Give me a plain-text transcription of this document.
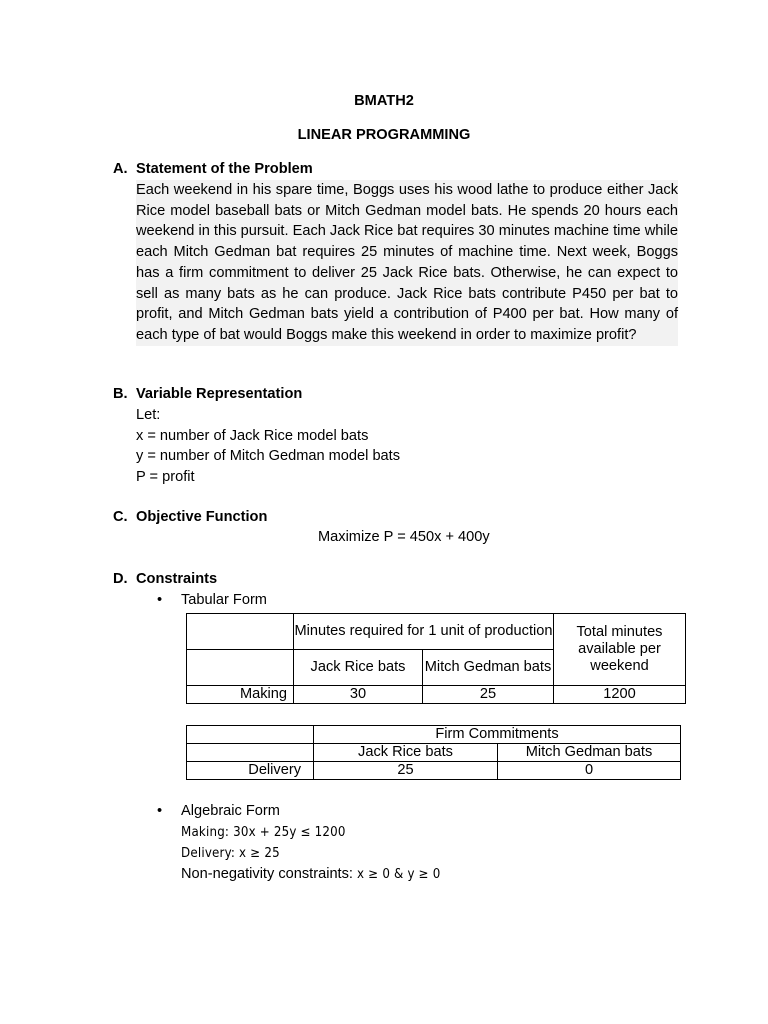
BMATH2
LINEAR PROGRAMMING
A. Statement of the Problem

Each weekend in his spare time, Boggs uses his wood lathe to produce either Jack Rice model baseball bats or Mitch Gedman model bats. He spends 20 hours each weekend in this pursuit. Each Jack Rice bat requires 30 minutes machine time while each Mitch Gedman bat requires 25 minutes of machine time. Next week, Boggs has a firm commitment to deliver 25 Jack Rice bats. Otherwise, he can expect to sell as many bats as he can produce. Jack Rice bats contribute P450 per bat to profit, and Mitch Gedman bats yield a contribution of P400 per bat. How many of each type of bat would Boggs make this weekend in order to maximize profit?

B. Variable Representation
Let:
x = number of Jack Rice model bats
y = number of Mitch Gedman model bats
P = profit
C. Objective Function
Maximize P = 450x + 400y
D. Constraints
• Tabular Form
	Minutes required for 1 unit of production		Total minutes available per weekend
	Jack Rice bats	Mitch Gedman bats	
Making	30	25	1200
	Firm Commitments	
	Jack Rice bats	Mitch Gedman bats
Delivery	25	0
• Algebraic Form
Making: 30x + 25y ≤ 1200
Delivery: x ≥ 25
Non-negativity constraints: x ≥ 0 & y ≥ 0
